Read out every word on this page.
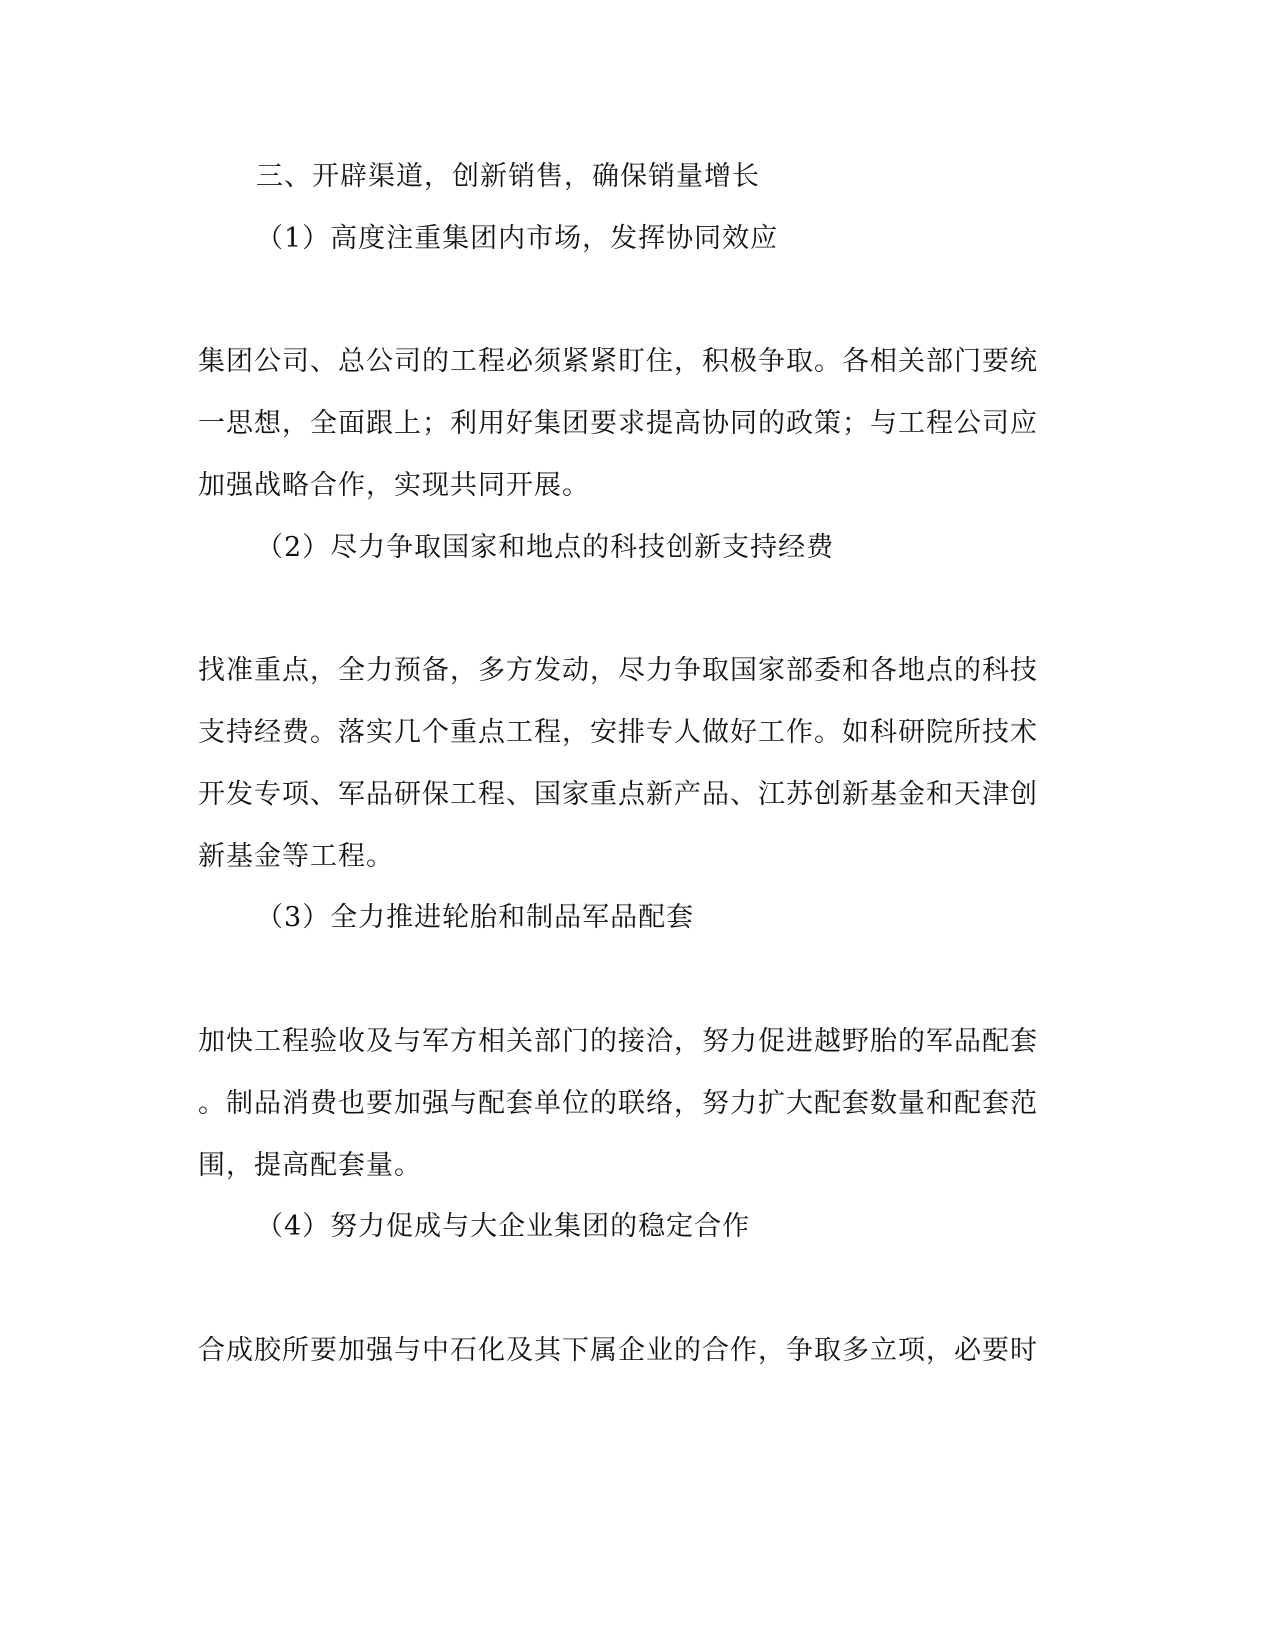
三、开辟渠道，创新销售，确保销量增长
（1）高度注重集团内市场，发挥协同效应
集团公司、总公司的工程必须紧紧盯住，积极争取。各相关部门要统
一思想，全面跟上；利用好集团要求提高协同的政策；与工程公司应
加强战略合作，实现共同开展。
（2）尽力争取国家和地点的科技创新支持经费
找准重点，全力预备，多方发动，尽力争取国家部委和各地点的科技
支持经费。落实几个重点工程，安排专人做好工作。如科研院所技术
开发专项、军品研保工程、国家重点新产品、江苏创新基金和天津创
新基金等工程。
（3）全力推进轮胎和制品军品配套
加快工程验收及与军方相关部门的接洽，努力促进越野胎的军品配套
。制品消费也要加强与配套单位的联络，努力扩大配套数量和配套范
围，提高配套量。
（4）努力促成与大企业集团的稳定合作
合成胶所要加强与中石化及其下属企业的合作，争取多立项，必要时
